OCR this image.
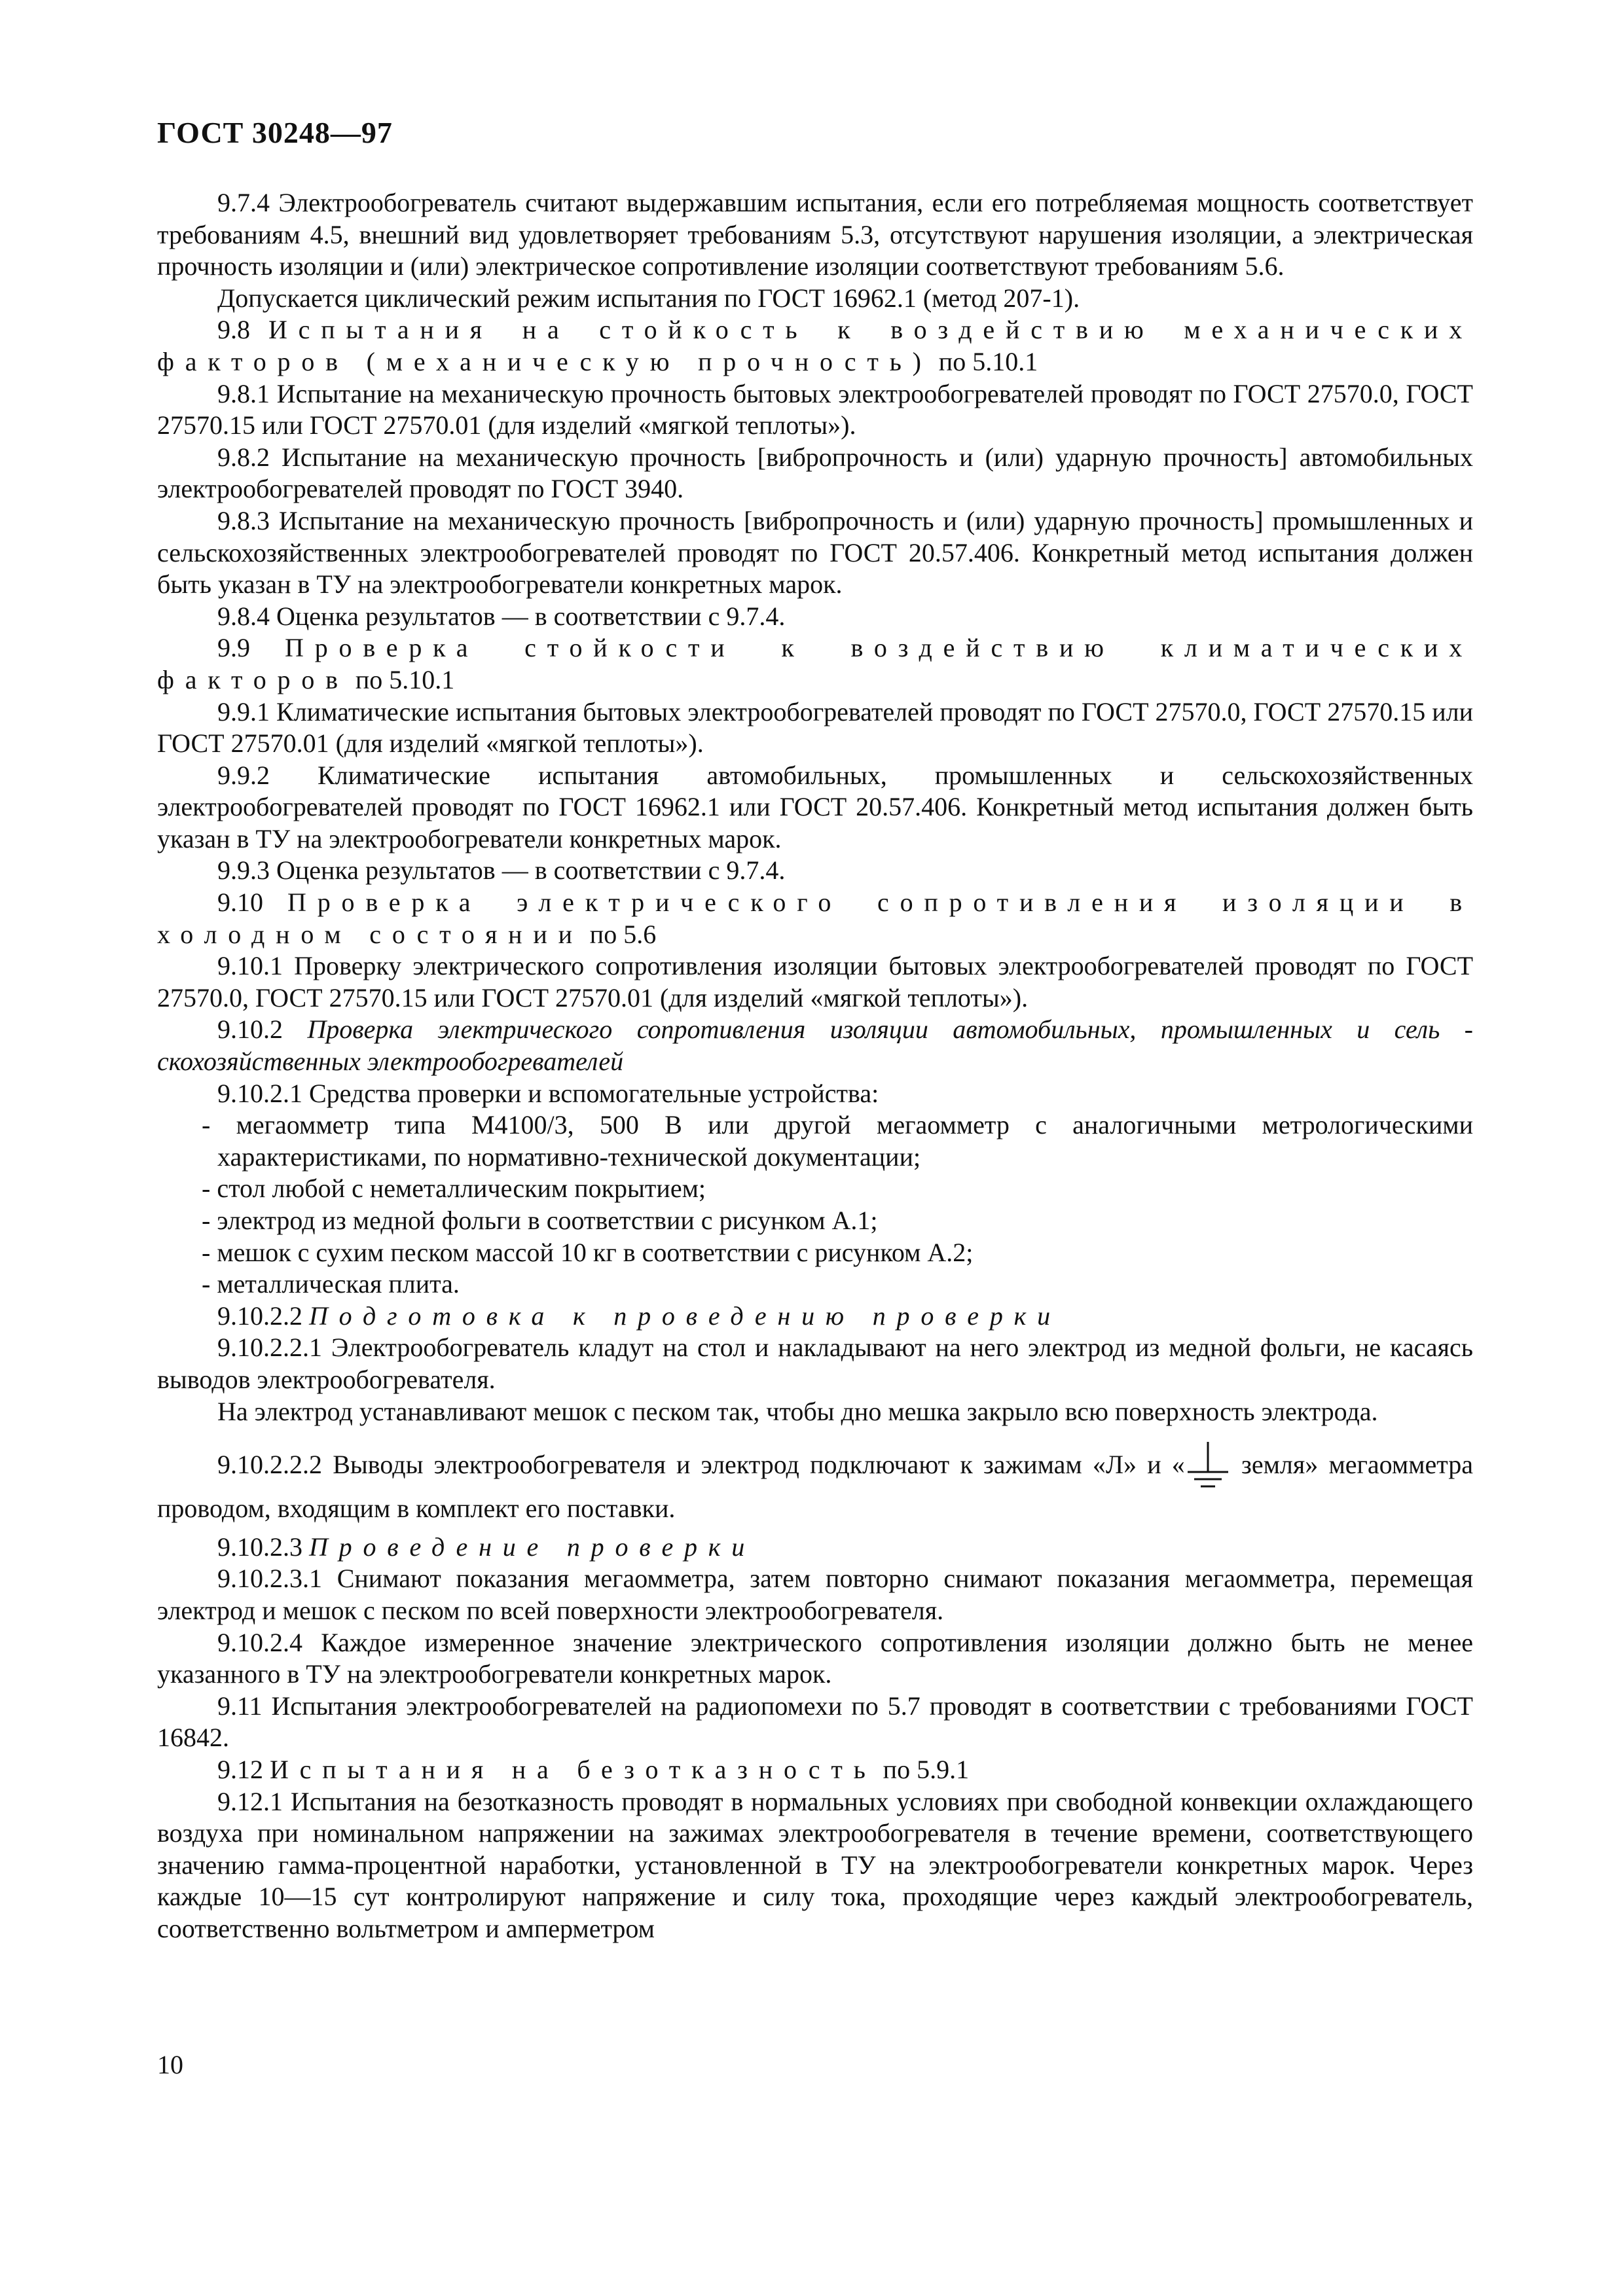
ГОСТ 30248—97

9.7.4 Электрообогреватель считают выдержавшим испытания, если его потребляемая мощность соответствует требованиям 4.5, внешний вид удовлетворяет требованиям 5.3, отсутствуют нарушения изоляции, а электрическая прочность изоляции и (или) электрическое сопротивление изоляции соответствуют требованиям 5.6.

Допускается циклический режим испытания по ГОСТ 16962.1 (метод 207-1).

9.8 Испытания на стойкость к воздействию механических факторов (механическую прочность) по 5.10.1

9.8.1 Испытание на механическую прочность бытовых электрообогревателей проводят по ГОСТ 27570.0, ГОСТ 27570.15 или ГОСТ 27570.01 (для изделий «мягкой теплоты»).

9.8.2 Испытание на механическую прочность [вибропрочность и (или) ударную прочность] автомобильных электрообогревателей проводят по ГОСТ 3940.

9.8.3 Испытание на механическую прочность [вибропрочность и (или) ударную прочность] промышленных и сельскохозяйственных электрообогревателей проводят по ГОСТ 20.57.406. Конкретный метод испытания должен быть указан в ТУ на электрообогреватели конкретных марок.

9.8.4 Оценка результатов — в соответствии с 9.7.4.

9.9 Проверка стойкости к воздействию климатических факторов по 5.10.1

9.9.1 Климатические испытания бытовых электрообогревателей проводят по ГОСТ 27570.0, ГОСТ 27570.15 или ГОСТ 27570.01 (для изделий «мягкой теплоты»).

9.9.2 Климатические испытания автомобильных, промышленных и сельскохозяйственных электрообогревателей проводят по ГОСТ 16962.1 или ГОСТ 20.57.406. Конкретный метод испытания должен быть указан в ТУ на электрообогреватели конкретных марок.

9.9.3 Оценка результатов — в соответствии с 9.7.4.

9.10 Проверка электрического сопротивления изоляции в холодном состоянии по 5.6

9.10.1 Проверку электрического сопротивления изоляции бытовых электрообогревателей проводят по ГОСТ 27570.0, ГОСТ 27570.15 или ГОСТ 27570.01 (для изделий «мягкой теплоты»).

9.10.2 Проверка электрического сопротивления изоляции автомобильных, промышленных и сель - скохозяйственных электрообогревателей

9.10.2.1 Средства проверки и вспомогательные устройства:

- мегаомметр типа М4100/3, 500 В или другой мегаомметр с аналогичными метрологическими характеристиками, по нормативно-технической документации;

- стол любой с неметаллическим покрытием;

- электрод из медной фольги в соответствии с рисунком А.1;

- мешок с сухим песком массой 10 кг в соответствии с рисунком А.2;

- металлическая плита.

9.10.2.2 Подготовка к проведению проверки

9.10.2.2.1 Электрообогреватель кладут на стол и накладывают на него электрод из медной фольги, не касаясь выводов электрообогревателя.

На электрод устанавливают мешок с песком так, чтобы дно мешка закрыло всю поверхность электрода.

9.10.2.2.2 Выводы электрообогревателя и электрод подключают к зажимам «Л» и « земля» мегаомметра проводом, входящим в комплект его поставки.

9.10.2.3 Проведение проверки

9.10.2.3.1 Снимают показания мегаомметра, затем повторно снимают показания мегаомметра, перемещая электрод и мешок с песком по всей поверхности электрообогревателя.

9.10.2.4 Каждое измеренное значение электрического сопротивления изоляции должно быть не менее указанного в ТУ на электрообогреватели конкретных марок.

9.11 Испытания электрообогревателей на радиопомехи по 5.7 проводят в соответствии с требованиями ГОСТ 16842.

9.12 Испытания на безотказность по 5.9.1

9.12.1 Испытания на безотказность проводят в нормальных условиях при свободной конвекции охлаждающего воздуха при номинальном напряжении на зажимах электрообогревателя в течение времени, соответствующего значению гамма-процентной наработки, установленной в ТУ на электрообогреватели конкретных марок. Через каждые 10—15 сут контролируют напряжение и силу тока, проходящие через каждый электрообогреватель, соответственно вольтметром и амперметром

10
